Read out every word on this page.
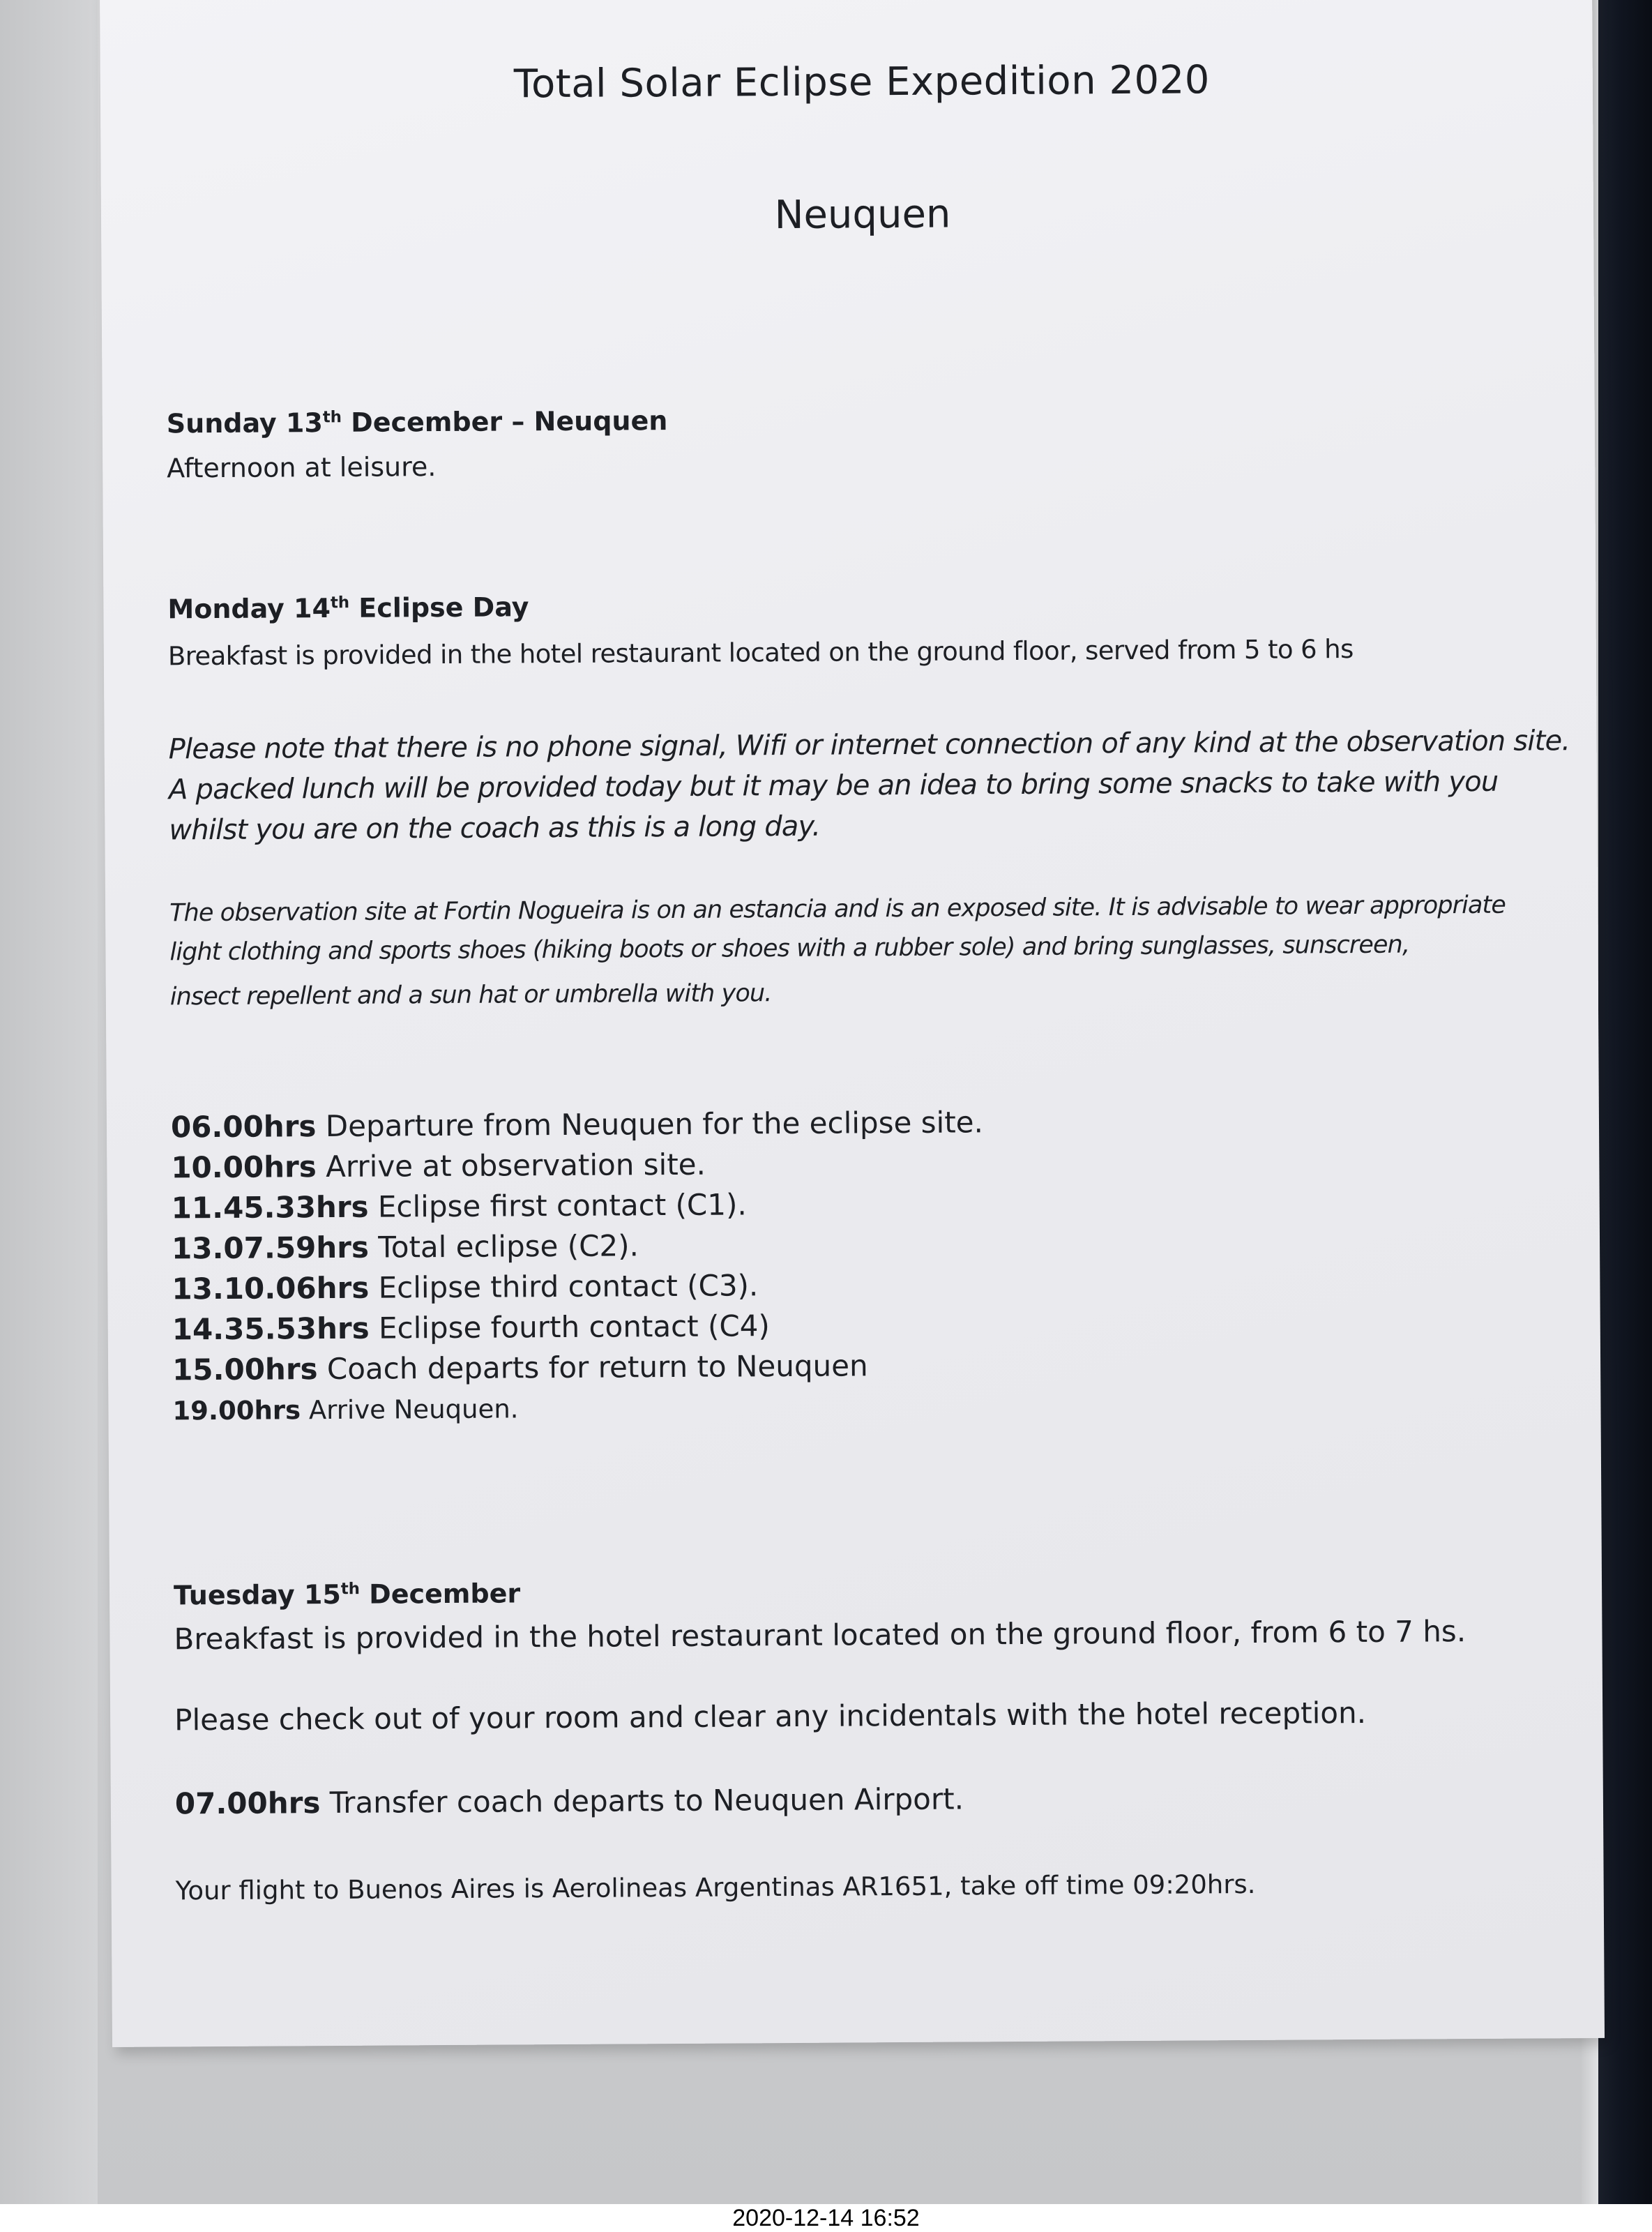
Total Solar Eclipse Expedition 2020
Neuquen
Sunday 13th December – Neuquen
Afternoon at leisure.
Monday 14th Eclipse Day
Breakfast is provided in the hotel restaurant located on the ground floor, served from 5 to 6 hs
Please note that there is no phone signal, Wifi or internet connection of any kind at the observation site.
A packed lunch will be provided today but it may be an idea to bring some snacks to take with you
whilst you are on the coach as this is a long day.
The observation site at Fortin Nogueira is on an estancia and is an exposed site. It is advisable to wear appropriate
light clothing and sports shoes (hiking boots or shoes with a rubber sole) and bring sunglasses, sunscreen,
insect repellent and a sun hat or umbrella with you.
06.00hrs Departure from Neuquen for the eclipse site.
10.00hrs Arrive at observation site.
11.45.33hrs Eclipse first contact (C1).
13.07.59hrs Total eclipse (C2).
13.10.06hrs Eclipse third contact (C3).
14.35.53hrs Eclipse fourth contact (C4)
15.00hrs Coach departs for return to Neuquen
19.00hrs Arrive Neuquen.
Tuesday 15th December
Breakfast is provided in the hotel restaurant located on the ground floor, from 6 to 7 hs.
Please check out of your room and clear any incidentals with the hotel reception.
07.00hrs Transfer coach departs to Neuquen Airport.
Your flight to Buenos Aires is Aerolineas Argentinas AR1651, take off time 09:20hrs.
2020-12-14 16:52
